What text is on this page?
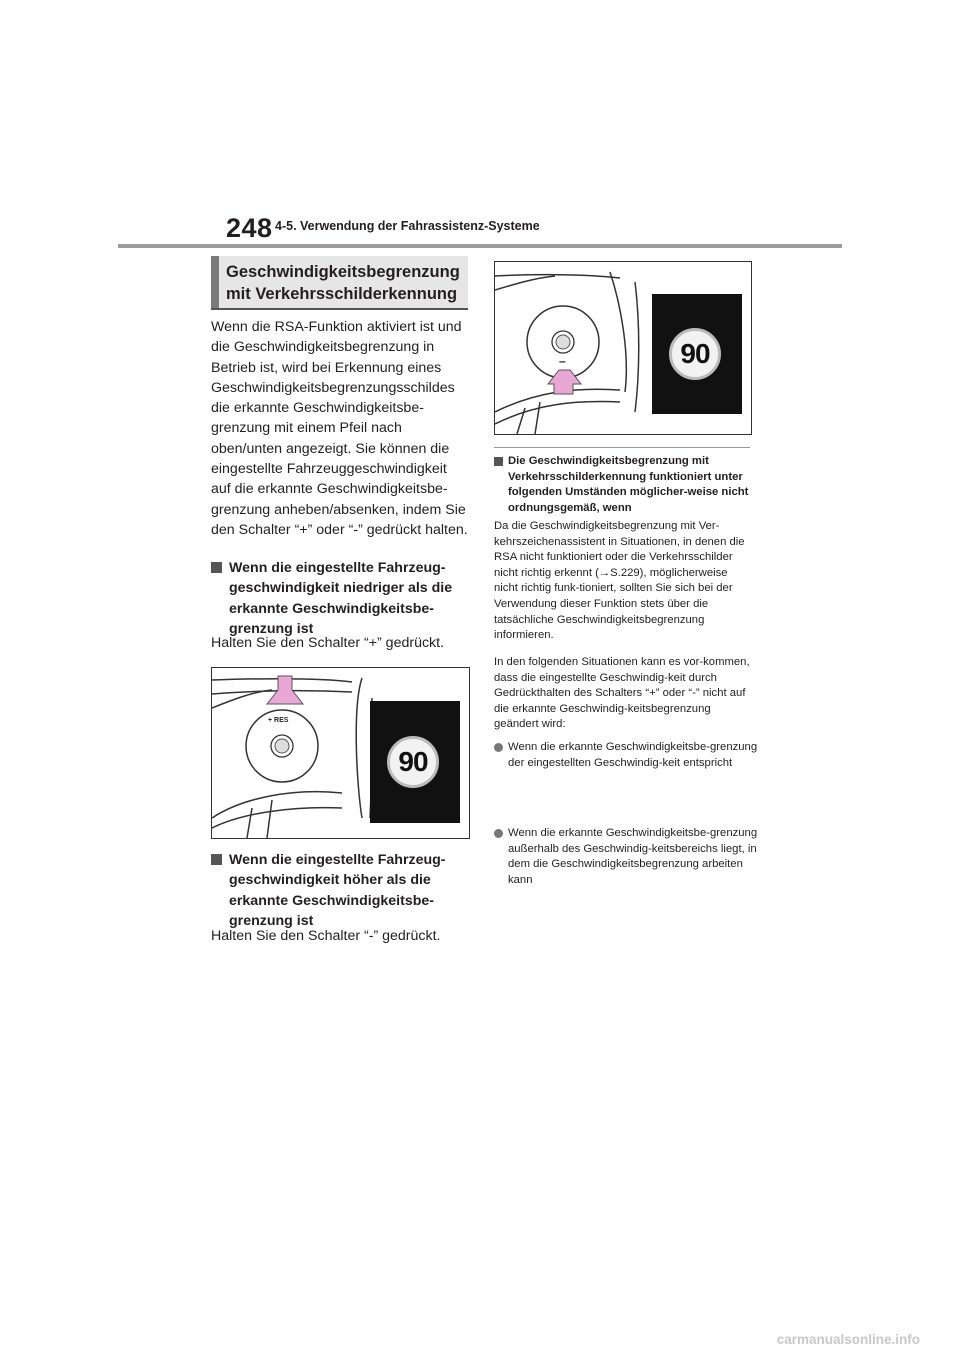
248 4-5. Verwendung der Fahrassistenz-Systeme
Geschwindigkeitsbegrenzung
mit Verkehrsschilderkennung
Wenn die RSA-Funktion aktiviert ist und die Geschwindigkeitsbegrenzung in Betrieb ist, wird bei Erkennung eines Geschwindigkeitsbegrenzungsschildes die erkannte Geschwindigkeitsbe-grenzung mit einem Pfeil nach oben/unten angezeigt. Sie können die eingestellte Fahrzeuggeschwindigkeit auf die erkannte Geschwindigkeitsbe-grenzung anheben/absenken, indem Sie den Schalter “+” oder “-” gedrückt halten.
Wenn die eingestellte Fahrzeug-geschwindigkeit niedriger als die erkannte Geschwindigkeitsbe-grenzung ist
Halten Sie den Schalter “+” gedrückt.
+ RES
90
Wenn die eingestellte Fahrzeug-geschwindigkeit höher als die erkannte Geschwindigkeitsbe-grenzung ist
Halten Sie den Schalter “-” gedrückt.
–	90
Die Geschwindigkeitsbegrenzung mit Verkehrsschilderkennung funktioniert unter folgenden Umständen möglicher-weise nicht ordnungsgemäß, wenn
Da die Geschwindigkeitsbegrenzung mit Ver-kehrszeichenassistent in Situationen, in denen die RSA nicht funktioniert oder die Verkehrsschilder nicht richtig erkennt (→S.229), möglicherweise nicht richtig funk-tioniert, sollten Sie sich bei der Verwendung dieser Funktion stets über die tatsächliche Geschwindigkeitsbegrenzung informieren.
In den folgenden Situationen kann es vor-kommen, dass die eingestellte Geschwindig-keit durch Gedrückthalten des Schalters “+” oder “-” nicht auf die erkannte Geschwindig-keitsbegrenzung geändert wird:
Wenn die erkannte Geschwindigkeitsbe-grenzung der eingestellten Geschwindig-keit entspricht
Wenn die erkannte Geschwindigkeitsbe-grenzung außerhalb des Geschwindig-keitsbereichs liegt, in dem die Geschwindigkeitsbegrenzung arbeiten kann
carmanualsonline.info
